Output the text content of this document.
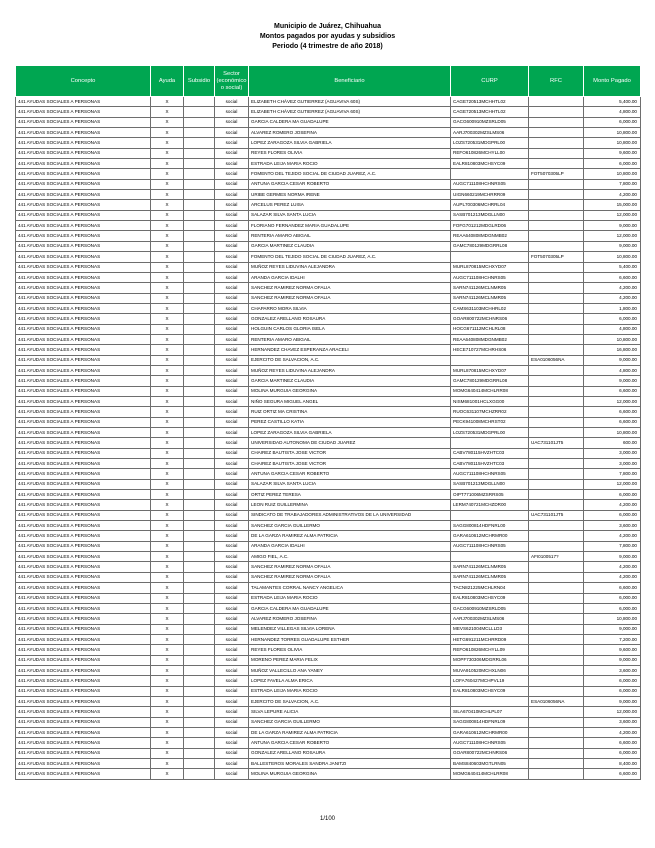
Municipio de Juárez, Chihuahua
Montos pagados por ayudas y subsidios
Periodo (4 trimestre de año 2018)
Concepto	Ayuda	Subsidio	Sector (económico o social)	Beneficiario	CURP	RFC	Monto Pagado
441 AYUDAS SOCIALES A PERSONAS	X		social	ELIZABETH CHÁVEZ GUTIERREZ (AGUAVIVA 60S)	CAGE720513MCHHTL02		5,400.00
441 AYUDAS SOCIALES A PERSONAS	X		social	ELIZABETH CHÁVEZ GUTIERREZ (AGUAVIVA 60S)	CAGE720513MCHHTL02		4,800.00
441 AYUDAS SOCIALES A PERSONAS	X		social	GARCIA CALDERA MA GUADALUPE	GACG600910MZSRLD05		6,000.00
441 AYUDAS SOCIALES A PERSONAS	X		social	ALVAREZ ROMERO JOSEFINA	AARJ700302MZSLMS06		10,800.00
441 AYUDAS SOCIALES A PERSONAS	X		social	LOPEZ ZARAGOZA SILVIA GABRIELA	LOZS720531MDGPRL00		10,800.00
441 AYUDAS SOCIALES A PERSONAS	X		social	REYES FLORES OLIVIA	REFO610826MCHYLL00		9,600.00
441 AYUDAS SOCIALES A PERSONAS	X		social	ESTRADA LEIJA MARIA ROCIO	EALR810803MCHSYC09		6,000.00
441 AYUDAS SOCIALES A PERSONAS	X		social	FOMENTO DEL TEJIDO SOCIAL DE CIUDAD JUAREZ, A.C.		FOT5070305LP	10,800.00
441 AYUDAS SOCIALES A PERSONAS	X		social	ANTUNA GARCIA CESAR ROBERTO	AUGC711108HCHNRS05		7,800.00
441 AYUDAS SOCIALES A PERSONAS	X		social	URIBE GERMES NORMA IRENE	UIGN660219MCHRRR09		4,200.00
441 AYUDAS SOCIALES A PERSONAS	X		social	ARCELUS PEREZ LUISA	AUPL700306MCHRRL04		15,000.00
441 AYUDAS SOCIALES A PERSONAS	X		social	SALAZAR SILVA SANTA LUCIA	SASB701213MDGLLN00		12,000.00
441 AYUDAS SOCIALES A PERSONAS	X		social	FLORIANO FERNANDEZ MARIA GUADALUPE	FOFG701212MDGLRD06		9,000.00
441 AYUDAS SOCIALES A PERSONAS	X		social	RENTERIA AMARO ABIGAIL	REAA640808MDGNMB02		12,000.00
441 AYUDAS SOCIALES A PERSONAS	X		social	GARCIA MARTINEZ CLAUDIA	GAMC780129MDGRRL08		9,000.00
441 AYUDAS SOCIALES A PERSONAS	X		social	FOMENTO DEL TEJIDO SOCIAL DE CIUDAD JUAREZ, A.C.		FOT5070305LP	10,800.00
441 AYUDAS SOCIALES A PERSONAS	X		social	MUÑOZ REYES LIDUVINA ALEJANDRA	MURL870815MCHXYD07		5,400.00
441 AYUDAS SOCIALES A PERSONAS	X		social	ARANDA GARCIA IDALHI	AUGC711108HCHNRS05		6,600.00
441 AYUDAS SOCIALES A PERSONAS	X		social	SANCHEZ RAMIREZ NORMA OFALIA	SARN741126MCLNMR05		4,200.00
441 AYUDAS SOCIALES A PERSONAS	X		social	SANCHEZ RAMIREZ NORMA OFALIA	SARN741126MCLNMR05		4,200.00
441 AYUDAS SOCIALES A PERSONAS	X		social	CHAPARRO MORA SILVIA	CAMS631103MCHHRL02		1,800.00
441 AYUDAS SOCIALES A PERSONAS	X		social	GONZALEZ ARELLANO ROSAURA	GOAR800722MCHNRS06		6,000.00
441 AYUDAS SOCIALES A PERSONAS	X		social	HOLGUIN CARLOS GLORIA ISELA	HOCG671112MCHLRL08		4,800.00
441 AYUDAS SOCIALES A PERSONAS	X		social	RENTERIA AMARO ABIGAIL	REAA640808MDGNMB02		10,800.00
441 AYUDAS SOCIALES A PERSONAS	X		social	HERNANDEZ CHAVEZ ESPERANZA ARACELI	HECE710727MCHRHS06		16,800.00
441 AYUDAS SOCIALES A PERSONAS	X		social	EJERCITO DE SALVACION, A.C.		ESA0106056NA	9,000.00
441 AYUDAS SOCIALES A PERSONAS	X		social	MUÑOZ REYES LIDUVINA ALEJANDRA	MURL870815MCHXYD07		4,800.00
441 AYUDAS SOCIALES A PERSONAS	X		social	GARCIA MARTINEZ CLAUDIA	GAMC780129MDGRRL08		9,000.00
441 AYUDAS SOCIALES A PERSONAS	X		social	MOLINA MURGUIA GEORGINA	MOMG640414MCHLRR08		6,600.00
441 AYUDAS SOCIALES A PERSONAS	X		social	NIÑO SEGURA MIGUEL ANGEL	NISM681001HCLXGG00		12,000.00
441 AYUDAS SOCIALES A PERSONAS	X		social	RUIZ ORTIZ MA CRISTINA	RUOC631107MCHZRR02		6,600.00
441 AYUDAS SOCIALES A PERSONAS	X		social	PEREZ CASTILLO KATIA	PECK941008MCHRST02		6,600.00
441 AYUDAS SOCIALES A PERSONAS	X		social	LOPEZ ZARAGOZA SILVIA GABRIELA	LOZS720531MDGPRL00		10,800.00
441 AYUDAS SOCIALES A PERSONAS	X		social	UNIVERSIDAD AUTONOMA DE CIUDAD JUAREZ		UAC731101JT5	600.00
441 AYUDAS SOCIALES A PERSONAS	X		social	CHAIREZ BAUTISTA JOSE VICTOR	CABV780115HVZHTC03		3,000.00
441 AYUDAS SOCIALES A PERSONAS	X		social	CHAIREZ BAUTISTA JOSE VICTOR	CABV780115HVZHTC03		3,000.00
441 AYUDAS SOCIALES A PERSONAS	X		social	ANTUNA GARCIA CESAR ROBERTO	AUGC711108HCHNRS05		7,800.00
441 AYUDAS SOCIALES A PERSONAS	X		social	SALAZAR SILVA SANTA LUCIA	SASB701213MDGLLN00		12,000.00
441 AYUDAS SOCIALES A PERSONAS	X		social	ORTIZ PEREZ TERESA	OIPT771006MZSRRS05		6,000.00
441 AYUDAS SOCIALES A PERSONAS	X		social	LEON RUIZ GUILLERMINA	LERM740721MCHZDR00		4,200.00
441 AYUDAS SOCIALES A PERSONAS	X		social	SINDICATO DE TRABAJADORES ADMINISTRATIVOS DE LA UNIVERSIDAD		UAC731101JT5	6,000.00
441 AYUDAS SOCIALES A PERSONAS	X		social	SANCHEZ GARCIA GUILLERMO	SAGG800814HDFNRL00		3,600.00
441 AYUDAS SOCIALES A PERSONAS	X		social	DE LA GARZA RAMIREZ ALMA PATRICIA	GARA610612MCHRMR00		4,200.00
441 AYUDAS SOCIALES A PERSONAS	X		social	ARANDA GARCIA IDALHI	AUGC711108HCHNRS05		7,800.00
441 AYUDAS SOCIALES A PERSONAS	X		social	AMIGO FIEL, A.C.		AFI0100517?	9,000.00
441 AYUDAS SOCIALES A PERSONAS	X		social	SANCHEZ RAMIREZ NORMA OFALIA	SARN741126MCLNMR05		4,200.00
441 AYUDAS SOCIALES A PERSONAS	X		social	SANCHEZ RAMIREZ NORMA OFALIA	SARN741126MCLNMR05		4,200.00
441 AYUDAS SOCIALES A PERSONAS	X		social	TALAMANTES CORRAL NANCY ANGELICA	TACN821225MCHLRN04		6,600.00
441 AYUDAS SOCIALES A PERSONAS	X		social	ESTRADA LEIJA MARIA ROCIO	EALR810803MCHSYC09		6,000.00
441 AYUDAS SOCIALES A PERSONAS	X		social	GARCIA CALDERA MA GUADALUPE	GACG600910MZSRLD05		6,000.00
441 AYUDAS SOCIALES A PERSONAS	X		social	ALVAREZ ROMERO JOSEFINA	AARJ700302MZSLMS06		10,800.00
441 AYUDAS SOCIALES A PERSONAS	X		social	MELENDEZ VILLEGAS SILVIA LORENA	MEVS621004MCLLLD3		9,000.00
441 AYUDAS SOCIALES A PERSONAS	X		social	HERNANDEZ TORRES GUADALUPE ESTHER	HETG691211MCHRRD09		7,200.00
441 AYUDAS SOCIALES A PERSONAS	X		social	REYES FLORES OLIVIA	REFO610826MCHYLL09		9,600.00
441 AYUDAS SOCIALES A PERSONAS	X		social	MORENO PEREZ MARIA FELIX	MOPF730306MDGRRL06		9,000.00
441 AYUDAS SOCIALES A PERSONAS	X		social	MUÑOZ VALLECILLO ANA YANEY	MUVA910520MCHXLN06		3,600.00
441 AYUDAS SOCIALES A PERSONAS	X		social	LOPEZ FAVELA ALMA ERICA	LOFA760427MCHPVL19		6,000.00
441 AYUDAS SOCIALES A PERSONAS	X		social	ESTRADA LEIJA MARIA ROCIO	EALR810803MCHSYC09		6,000.00
441 AYUDAS SOCIALES A PERSONAS	X		social	EJERCITO DE SALVACION, A.C.		ESA0106056NA	9,000.00
441 AYUDAS SOCIALES A PERSONAS	X		social	SILVA LEPURE ALICIA	SILA670410MCHLPL07		12,000.00
441 AYUDAS SOCIALES A PERSONAS	X		social	SANCHEZ GARCIA GUILLERMO	SAGG800814HDFNRL09		3,600.00
441 AYUDAS SOCIALES A PERSONAS	X		social	DE LA GARZA RAMIREZ ALMA PATRICIA	GARA610612MCHRMR00		4,200.00
441 AYUDAS SOCIALES A PERSONAS	X		social	ANTUNA GARCIA CESAR ROBERTO	AUGC711108HCHNRS05		6,600.00
441 AYUDAS SOCIALES A PERSONAS	X		social	GONZALEZ ARELLANO ROSAURA	GOAR800722MCHNRS06		6,000.00
441 AYUDAS SOCIALES A PERSONAS	X		social	BALLESTEROS MORALES SANDRA JANITZI	BAMS840603MGTLRN05		8,400.00
441 AYUDAS SOCIALES A PERSONAS	X		social	MOLINA MURGUIA GEORGINA	MOMG640414MCHLRR08		6,600.00
1/100
